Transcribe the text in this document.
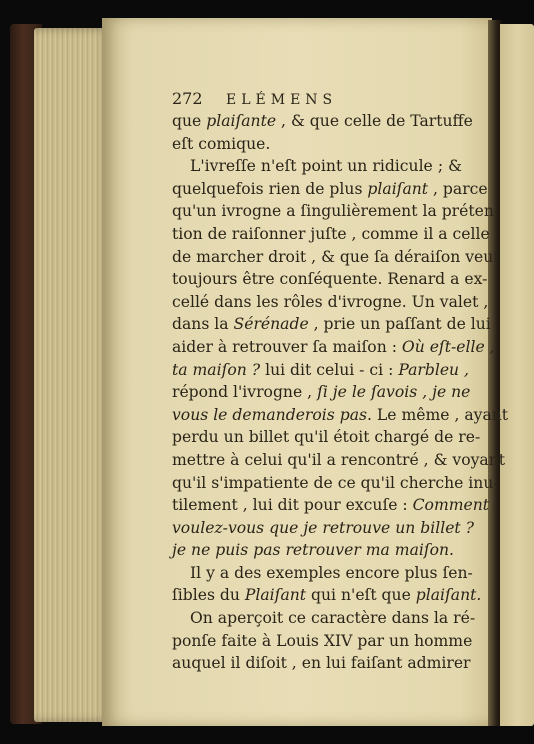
272	ELÉMENS
que plaiſante , & que celle de Tartuffe
eſt comique.
L'ivreſſe n'eſt point un ridicule ; &
quelquefois rien de plus plaiſant , parce
qu'un ivrogne a ſingulièrement la préten-
tion de raiſonner juſte , comme il a celle
de marcher droit , & que ſa déraiſon veut
toujours être conſéquente. Renard a ex-
cellé dans les rôles d'ivrogne. Un valet ,
dans la Sérénade , prie un paſſant de lui
aider à retrouver ſa maiſon : Où eſt-elle ,
ta maiſon ? lui dit celui - ci : Parbleu ,
répond l'ivrogne , ſi je le ſavois , je ne
vous le demanderois pas. Le même , ayant
perdu un billet qu'il étoit chargé de re-
mettre à celui qu'il a rencontré , & voyant
qu'il s'impatiente de ce qu'il cherche inu-
tilement , lui dit pour excuſe : Comment
voulez-vous que je retrouve un billet ?
je ne puis pas retrouver ma maiſon.
Il y a des exemples encore plus ſen-
ſibles du Plaiſant qui n'eſt que plaiſant.
On aperçoit ce caractère dans la ré-
ponſe faite à Louis XIV par un homme
auquel il diſoit , en lui faiſant admirer
